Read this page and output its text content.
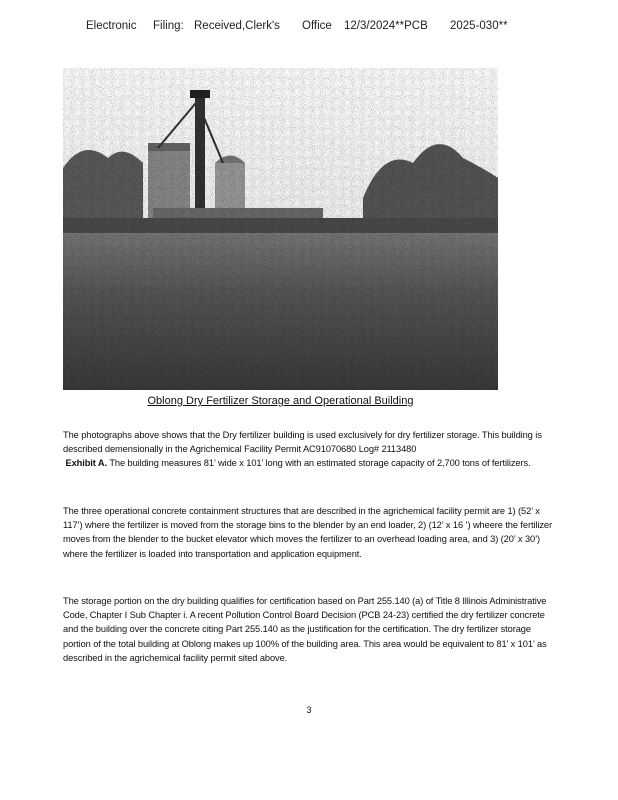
Electronic Filing: Received,Clerk's Office 12/3/2024**PCB 2025-030**
Oblong Dry Fertilizer Storage and Operational Building

The photographs above shows that the Dry fertilizer building is used exclusively for dry fertilizer storage. This building is described demensionally in the Agrichemical Facility Permit AC91070680 Log# 2113480
Exhibit A. The building measures 81’ wide x 101’ long with an estimated storage capacity of 2,700 tons of fertilizers.

The three operational concrete containment structures that are described in the agrichemical facility permit are 1) (52’ x 117’) where the fertilizer is moved from the storage bins to the blender by an end loader, 2) (12’ x 16 ’) wheere the fertilizer moves from the blender to the bucket elevator which moves the fertilizer to an overhead loading area, and 3) (20’ x 30’) where the fertilizer is loaded into transportation and application equipment.

The storage portion on the dry building qualifies for certification based on Part 255.140 (a) of Title 8 Illinois Administrative Code, Chapter I Sub Chapter i. A recent Pollution Control Board Decision (PCB 24-23) certified the dry fertilizer concrete and the building over the concrete citing Part 255.140 as the justification for the certification. The dry fertilizer storage portion of the total building at Oblong makes up 100% of the building area. This area would be equivalent to 81’ x 101’ as described in the agrichemical facility permit sited above.

3
